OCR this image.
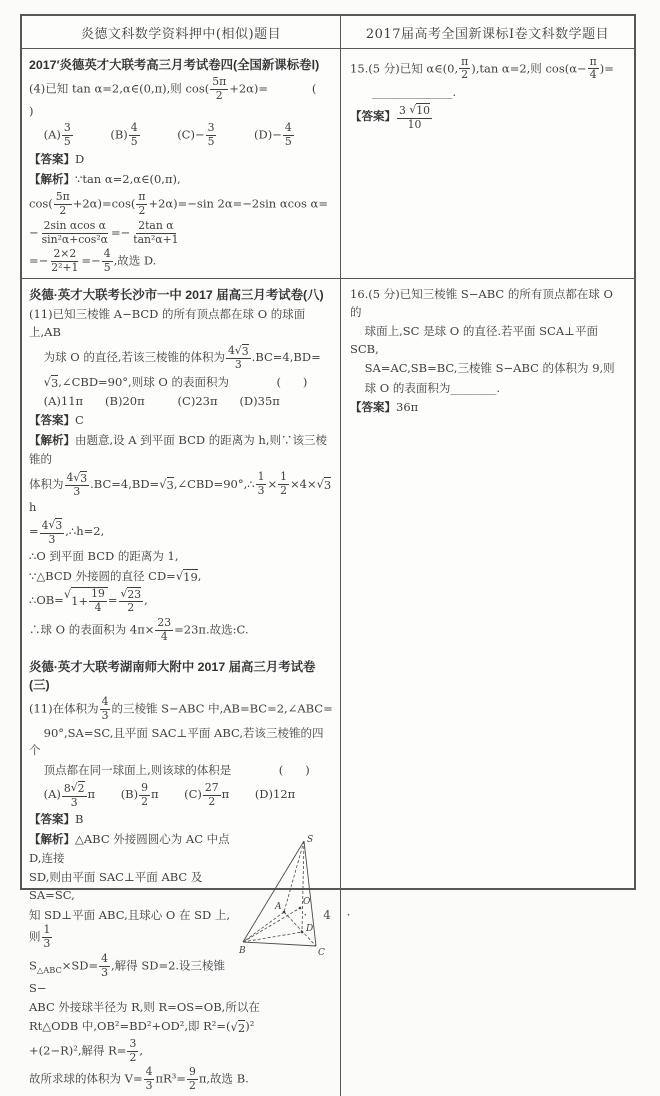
炎德文科数学资料押中(相似)题目	2017届高考全国新课标Ⅰ卷文科数学题目
2017′炎德英才大联考高三月考试卷四(全国新课标卷Ⅰ)
(4)已知 tan α=2,α∈(0,π),则 $\cos( \frac{5\pi}{2} +2\alpha)=$            (      )
$(A) \frac{3}{5} (B) \frac{4}{5} (C)- \frac{3}{5} (D)- \frac{4}{5}$
【答案】D
【解析】∵tan α=2,α∈(0,π),
$\cos( \frac{5\pi}{2} +2\alpha)=\cos( \frac{\pi}{2} +2\alpha)=-\sin$ 2α=−2sin αcos α=
− $\frac{\text{2sin αcos α}}{\text{sin²α+cos²α}} =- \frac{\text{2tan α}}{\text{tan²α+1}}$
=− $\frac{2\times 2}{\text{2²+1}} =- \frac{4}{5}$ ,故选 D.
15.(5 分)已知 α∈(0, $\frac{\pi}{2} ),\tan$ α=2,则 $\cos(\alpha- \frac{\pi}{4}$ )=
______________.
【答案】 $\frac{3 √ 10}{10}$
炎德·英才大联考长沙市一中 2017 届高三月考试卷(八)
(11)已知三棱锥 A−BCD 的所有顶点都在球 O 的球面上,AB
为球 O 的直径,若该三棱锥的体积为 $\frac{4 √ 3}{3} .BC=4,BD=$

√ 3 ,∠CBD=90°,则球 O 的表面积为             (      )
(A)11π      (B)20π         (C)23π      (D)35π
【答案】C
【解析】由题意,设 A 到平面 BCD 的距离为 h,则∵该三棱锥的
体积为 $\frac{4 √ 3}{3} .BC=4,BD=$ √ 3 ,∠CBD=90°,∴ $\frac{1}{3} \times \frac{1}{2} \times 4\times$ √ 3
h
= $\frac{4 √ 3}{3}$ ,∴h=2,
∴O 到平面 BCD 的距离为 1,
∵△BCD 外接圆的直径 CD= √ 19 ,
∴OB= √
$1+ \frac{19}{4} = \frac{√ 23}{2}$ ,
∴球 O 的表面积为 $4\pi\times \frac{23}{4} =23\pi$.故选:C.
炎德·英才大联考湖南师大附中 2017 届高三月考试卷(三)
(11)在体积为 $\frac{4}{3}$ 的三棱锥 S−ABC 中,AB=BC=2,∠ABC=
90°,SA=SC,且平面 SAC⊥平面 ABC,若该三棱锥的四个
顶点都在同一球面上,则该球的体积是             (      )
$(A) \frac{8 √ 2}{3}$ π       $(B) \frac{9}{2}$ π       $(C) \frac{27}{2}$ π       (D)12π
【答案】B
S
B	C
A O
D
【解析】△ABC 外接圆圆心为 AC 中点 D,连接
SD,则由平面 SAC⊥平面 ABC 及 SA=SC,
知 SD⊥平面 ABC,且球心 O 在 SD 上,则 $\frac{1}{3}$
$S_{\triangle ABC}\times SD= \frac{4}{3}$ ,解得 SD=2.设三棱锥 S−
ABC 外接球半径为 R,则 R=OS=OB,所以在
Rt△ODB 中,OB²=BD²+OD²,即 R²=( √ 2 )²
+(2−R)²,解得 $R= \frac{3}{2}$ ,
故所求球的体积为 $V= \frac{4}{3} \pi R^3= \frac{9}{2} \pi$,故选 B.
16.(5 分)已知三棱锥 S−ABC 的所有顶点都在球 O 的
球面上,SC 是球 O 的直径.若平面 SCA⊥平面 SCB,
SA=AC,SB=BC,三棱锥 S−ABC 的体积为 9,则
球 O 的表面积为________.
【答案】36π
· 4 ·
